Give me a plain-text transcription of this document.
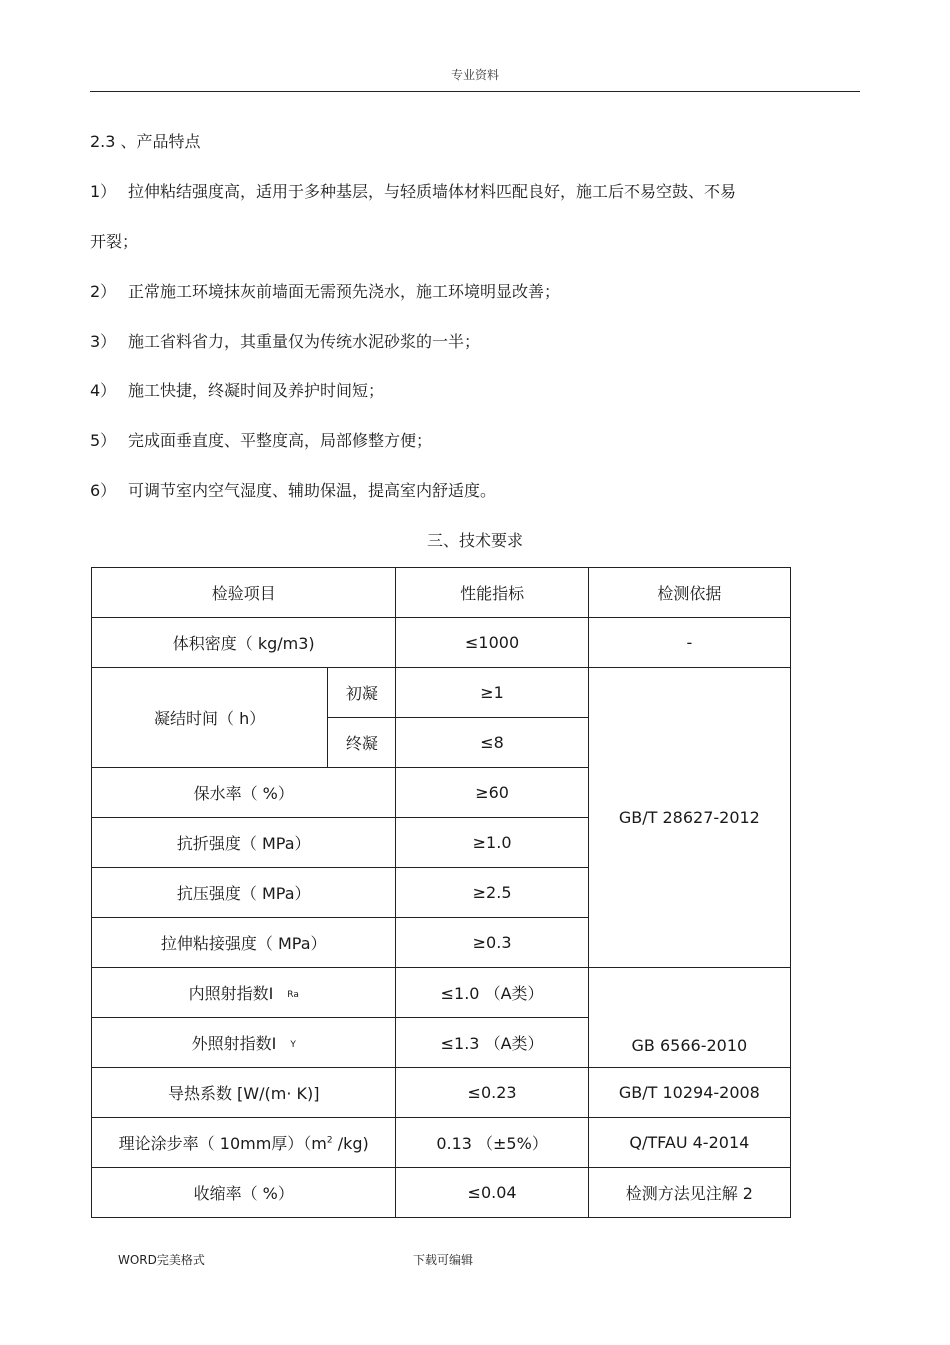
专业资料
2.3 、产品特点
1） 拉伸粘结强度高，适用于多种基层，与轻质墙体材料匹配良好，施工后不易空鼓、不易
开裂；
2） 正常施工环境抹灰前墙面无需预先浇水，施工环境明显改善；
3） 施工省料省力，其重量仅为传统水泥砂浆的一半；
4） 施工快捷，终凝时间及养护时间短；
5） 完成面垂直度、平整度高，局部修整方便；
6） 可调节室内空气湿度、辅助保温，提高室内舒适度。
三、技术要求
检验项目		性能指标	检测依据
体积密度（ kg/m3)		≤1000	-
凝结时间（ h）	初凝	≥1	GB/T 28627-2012
	终凝	≤8	
保水率（ %）		≥60	
抗折强度（ MPa）		≥1.0	
抗压强度（ MPa）		≥2.5	
拉伸粘接强度（ MPa）		≥0.3	
内照射指数I Ra		≤1.0 （A类）	GB 6566-2010
外照射指数I Y		≤1.3 （A类）	
导热系数 [W/(m· K)]		≤0.23	GB/T 10294-2008
理论涂步率（ 10mm厚）（$m^2$ /kg)		0.13 （±5%）	Q/TFAU 4-2014
收缩率（ %）		≤0.04	检测方法见注解 2
WORD完美格式	下载可编辑
